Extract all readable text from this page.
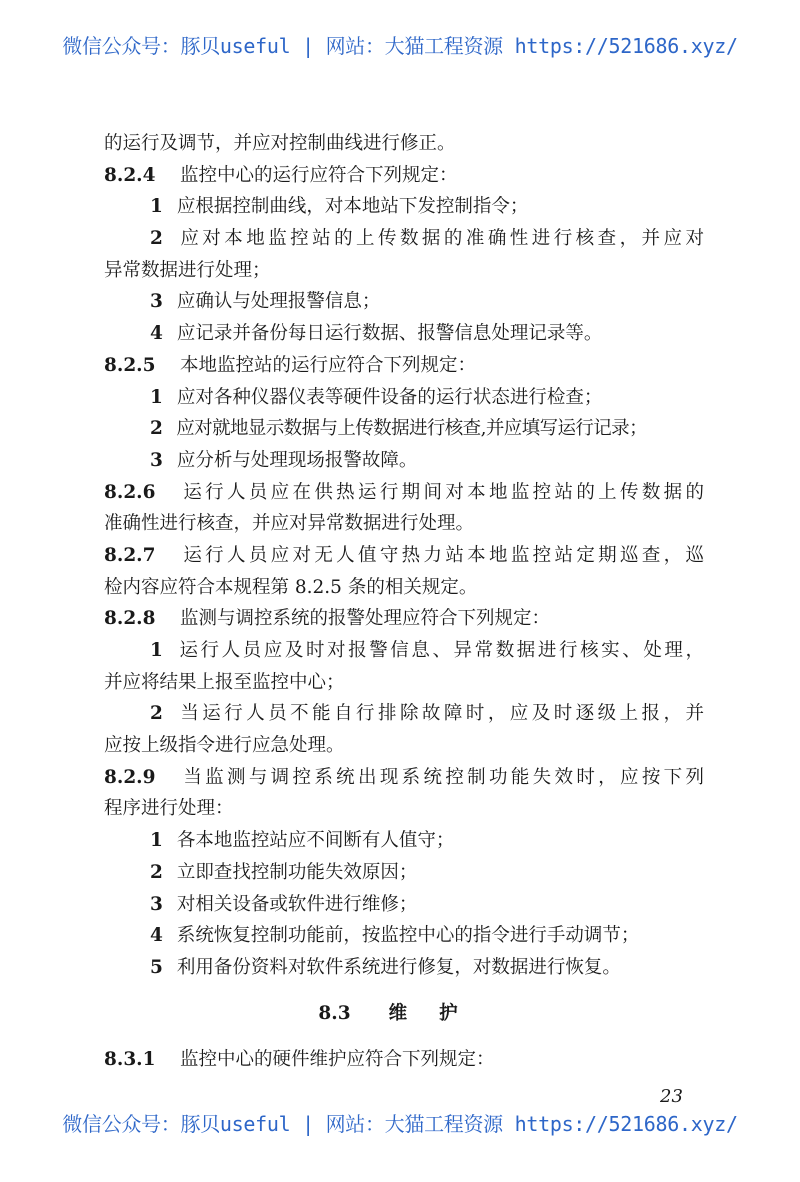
微信公众号：豚贝useful | 网站：大猫工程资源 https://521686.xyz/
的运行及调节，并应对控制曲线进行修正。
8.2.4 监控中心的运行应符合下列规定：
1 应根据控制曲线，对本地站下发控制指令；
2 应对本地监控站的上传数据的准确性进行核查，并应对
异常数据进行处理；
3 应确认与处理报警信息；
4 应记录并备份每日运行数据、报警信息处理记录等。
8.2.5 本地监控站的运行应符合下列规定：
1 应对各种仪器仪表等硬件设备的运行状态进行检查；
2 应对就地显示数据与上传数据进行核查,并应填写运行记录；
3 应分析与处理现场报警故障。
8.2.6 运行人员应在供热运行期间对本地监控站的上传数据的
准确性进行核查，并应对异常数据进行处理。
8.2.7 运行人员应对无人值守热力站本地监控站定期巡查，巡
检内容应符合本规程第 8.2.5 条的相关规定。
8.2.8 监测与调控系统的报警处理应符合下列规定：
1 运行人员应及时对报警信息、异常数据进行核实、处理，
并应将结果上报至监控中心；
2 当运行人员不能自行排除故障时，应及时逐级上报，并
应按上级指令进行应急处理。
8.2.9 当监测与调控系统出现系统控制功能失效时，应按下列
程序进行处理：
1 各本地监控站应不间断有人值守；
2 立即查找控制功能失效原因；
3 对相关设备或软件进行维修；
4 系统恢复控制功能前，按监控中心的指令进行手动调节；
5 利用备份资料对软件系统进行修复，对数据进行恢复。
8.3 维护
8.3.1 监控中心的硬件维护应符合下列规定：
23
微信公众号：豚贝useful | 网站：大猫工程资源 https://521686.xyz/
